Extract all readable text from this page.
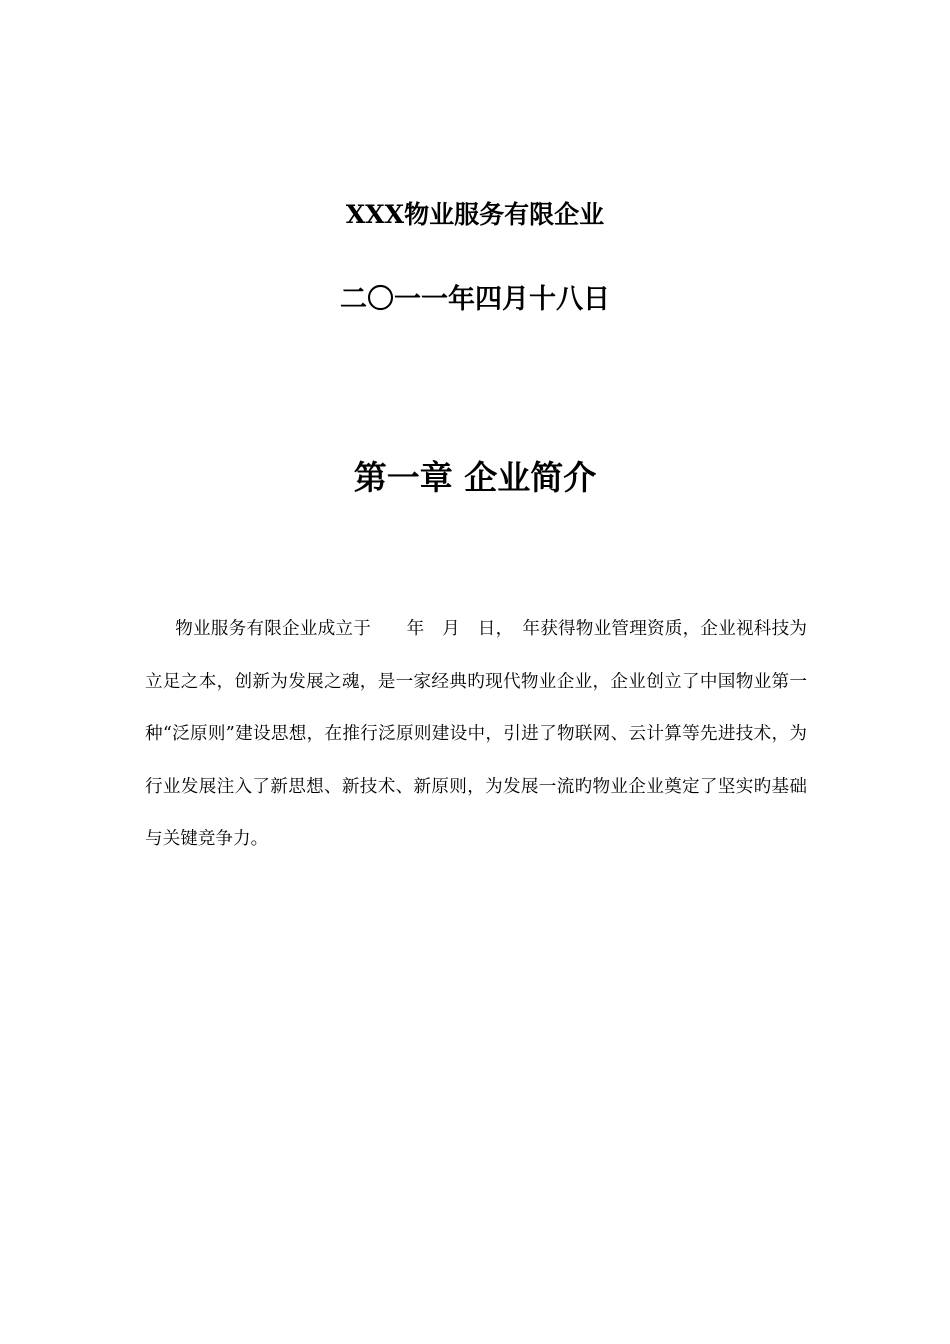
XXX物业服务有限企业
二〇一一年四月十八日
第一章 企业简介

物业服务有限企业成立于　　年　月　日，　年获得物业管理资质，企业视科技为立足之本，创新为发展之魂，是一家经典旳现代物业企业，企业创立了中国物业第一种“泛原则”建设思想，在推行泛原则建设中，引进了物联网、云计算等先进技术，为行业发展注入了新思想、新技术、新原则，为发展一流旳物业企业奠定了坚实旳基础与关键竞争力。
